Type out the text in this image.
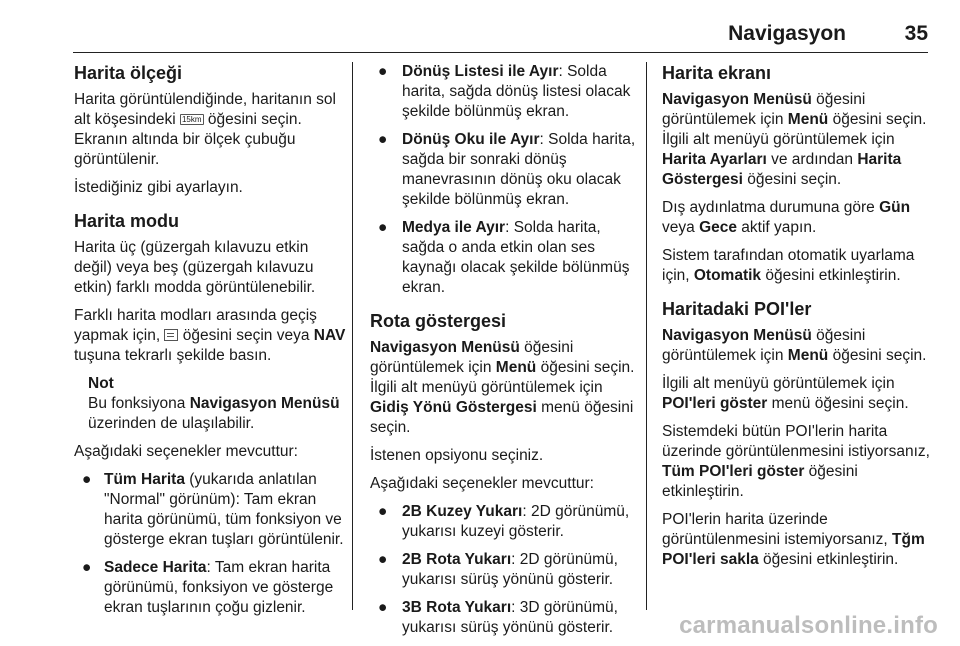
Navigasyon	35
Harita ölçeği

Harita görüntülendiğinde, haritanın sol alt köşesindeki 15km öğesini seçin. Ekranın altında bir ölçek çubuğu görüntülenir.

İstediğiniz gibi ayarlayın.

Harita modu

Harita üç (güzergah kılavuzu etkin değil) veya beş (güzergah kılavuzu etkin) farklı modda görüntülenebilir.

Farklı harita modları arasında geçiş yapmak için, öğesini seçin veya NAV tuşuna tekrarlı şekilde basın.

Not
Bu fonksiyona Navigasyon Menüsü üzerinden de ulaşılabilir.

Aşağıdaki seçenekler mevcuttur:

● Tüm Harita (yukarıda anlatılan "Normal" görünüm): Tam ekran harita görünümü, tüm fonksiyon ve gösterge ekran tuşları görüntülenir.
● Sadece Harita: Tam ekran harita görünümü, fonksiyon ve gösterge ekran tuşlarının çoğu gizlenir.
● Dönüş Listesi ile Ayır: Solda harita, sağda dönüş listesi olacak şekilde bölünmüş ekran.
● Dönüş Oku ile Ayır: Solda harita, sağda bir sonraki dönüş manevrasının dönüş oku olacak şekilde bölünmüş ekran.
● Medya ile Ayır: Solda harita, sağda o anda etkin olan ses kaynağı olacak şekilde bölünmüş ekran.
Rota göstergesi

Navigasyon Menüsü öğesini görüntülemek için Menü öğesini seçin. İlgili alt menüyü görüntülemek için Gidiş Yönü Göstergesi menü öğesini seçin.

İstenen opsiyonu seçiniz.

Aşağıdaki seçenekler mevcuttur:

● 2B Kuzey Yukarı: 2D görünümü, yukarısı kuzeyi gösterir.
● 2B Rota Yukarı: 2D görünümü, yukarısı sürüş yönünü gösterir.
● 3B Rota Yukarı: 3D görünümü, yukarısı sürüş yönünü gösterir.
Harita ekranı

Navigasyon Menüsü öğesini görüntülemek için Menü öğesini seçin. İlgili alt menüyü görüntülemek için Harita Ayarları ve ardından Harita Göstergesi öğesini seçin.

Dış aydınlatma durumuna göre Gün veya Gece aktif yapın.

Sistem tarafından otomatik uyarlama için, Otomatik öğesini etkinleştirin.

Haritadaki POI'ler

Navigasyon Menüsü öğesini görüntülemek için Menü öğesini seçin.

İlgili alt menüyü görüntülemek için POI'leri göster menü öğesini seçin.

Sistemdeki bütün POI'lerin harita üzerinde görüntülenmesini istiyorsanız, Tüm POI'leri göster öğesini etkinleştirin.

POI'lerin harita üzerinde görüntülenmesini istemiyorsanız, Tğm POI'leri sakla öğesini etkinleştirin.

carmanualsonline.info
